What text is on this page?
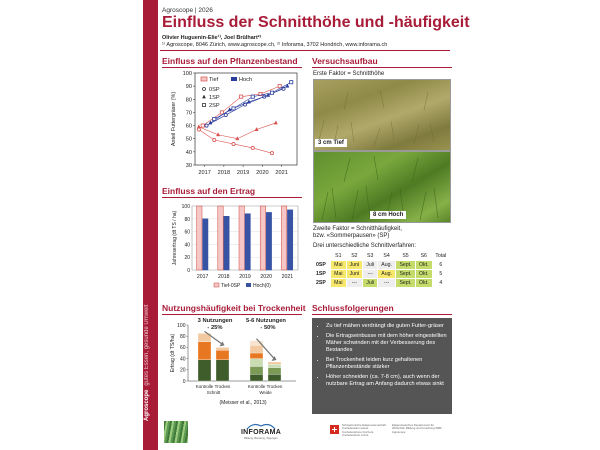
Agroscopegutes Essen, gesunde Umwelt
Agroscope | 2026
Einfluss der Schnitthöhe und -häufigkeit
Olivier Huguenin-Elie¹⁾, Joel Brülhart²⁾
¹⁾ Agroscope, 8046 Zürich, www.agroscope.ch, ²⁾ Inforama, 3702 Hondrich, www.inforama.ch
Einfluss auf den Pflanzenbestand
30
40
50
60
70
80
90
100
2017 2018 2019 2020 2021
Anteil Futtergräser (%)
Tief	Hoch
0SP
1SP
2SP
Einfluss auf den Ertrag
0
20
40
60
80
100
2017 2018 2019 2020 2021
Jahresertrag (dt TS / ha)
Tief-0SP	Hoch(0)
Nutzungshäufigkeit bei Trockenheit
0
20
40
60
80
100
Ertrag (dt TS/ha)
Kontrolle Trocken	Kontrolle Trocken
Schnitt	Weide
3 Nutzungen
- 25%
5-6 Nutzungen
- 50%
(Meisser et al., 2013)
Versuchsaufbau
Erste Faktor = Schnitthöhe
3 cm Tief
8 cm Hoch
Zweite Faktor = Schnitthäufigkeit,
bzw. «Sommerpausen» (SP)
Drei unterschiedliche Schnittverfahren:
	S1	S2	S3	S4	S5	S6	Total
0SP	Mai	Juni	Juli	Aug.	Sept.	Okt.	6
1SP	Mai	Juni	---	Aug.	Sept.	Okt.	5
2SP	Mai	---	Juli	---	Sept.	Okt.	4
Schlussfolgerungen
• Zu tief mähen verdrängt die guten Futter-gräser
• Die Ertragseinbusse mit dem höher eingestellten Mäher schwinden mit der Verbesserung des Bestandes
• Bei Trockenheit leiden kurz gehaltenen Pflanzenbestände stärker
• Höher schneiden (ca. 7-8 cm), auch wenn der nutzbare Ertrag am Anfang dadurch etwas sinkt
INFORAMA
Bildung, Beratung, Tagungen
Schweizerische Eidgenossenschaft
Confédération suisse
Confederazione Svizzera
Confederaziun svizra
Eidgenössisches Departement für
Wirtschaft, Bildung und Forschung WBF
Agroscope
